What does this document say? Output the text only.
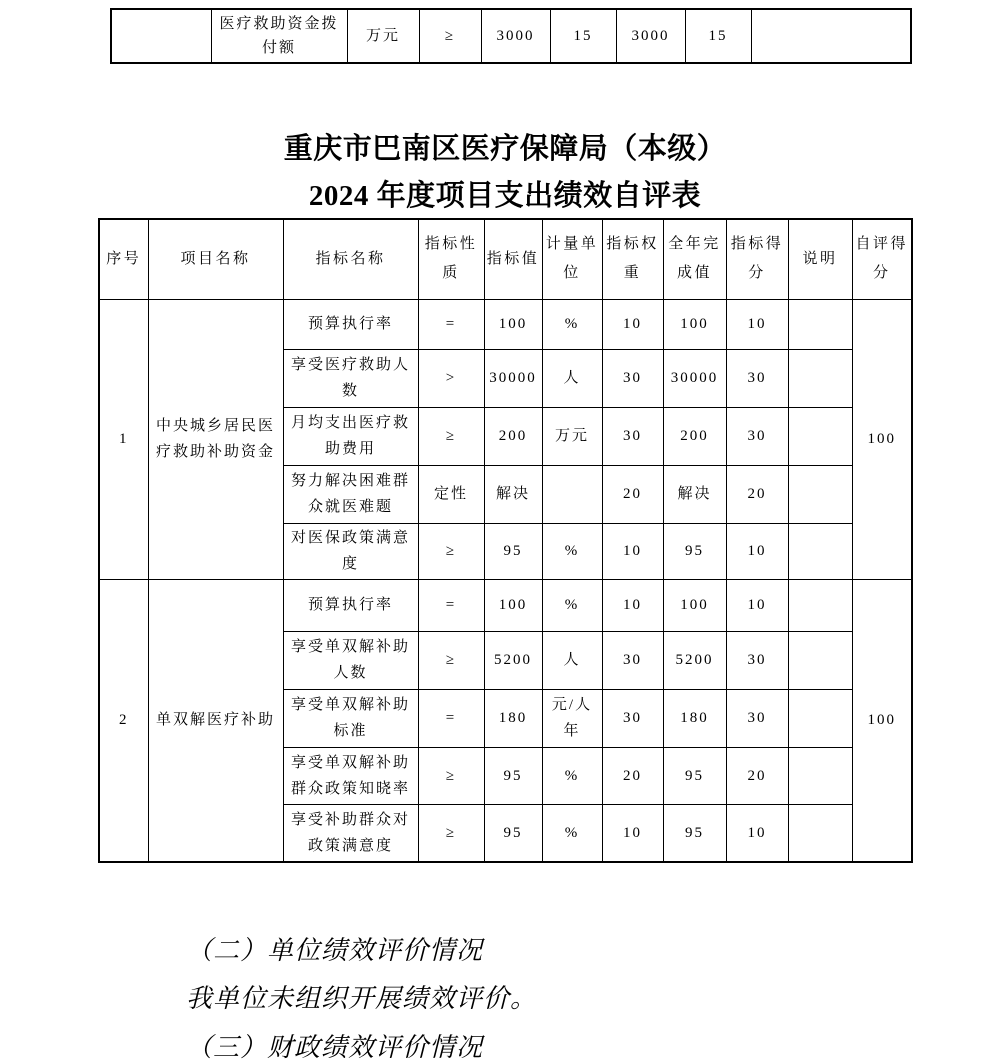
	医疗救助资金拨付额	万元	≥	3000	15	3000	15	
重庆市巴南区医疗保障局（本级）
2024 年度项目支出绩效自评表
序号	项目名称	指标名称	指标性质	指标值	计量单位	指标权重	全年完成值	指标得分	说明	自评得分
1	中央城乡居民医疗救助补助资金	预算执行率	=	100	%	10	100	10		100
		享受医疗救助人数	>	30000	人	30	30000	30		
		月均支出医疗救助费用	≥	200	万元	30	200	30		
		努力解决困难群众就医难题	定性	解决		20	解决	20		
		对医保政策满意度	≥	95	%	10	95	10		
2	单双解医疗补助	预算执行率	=	100	%	10	100	10		100
		享受单双解补助人数	≥	5200	人	30	5200	30		
		享受单双解补助标准	=	180	元/人年	30	180	30		
		享受单双解补助群众政策知晓率	≥	95	%	20	95	20		
		享受补助群众对政策满意度	≥	95	%	10	95	10		
（二）单位绩效评价情况
我单位未组织开展绩效评价。
（三）财政绩效评价情况
